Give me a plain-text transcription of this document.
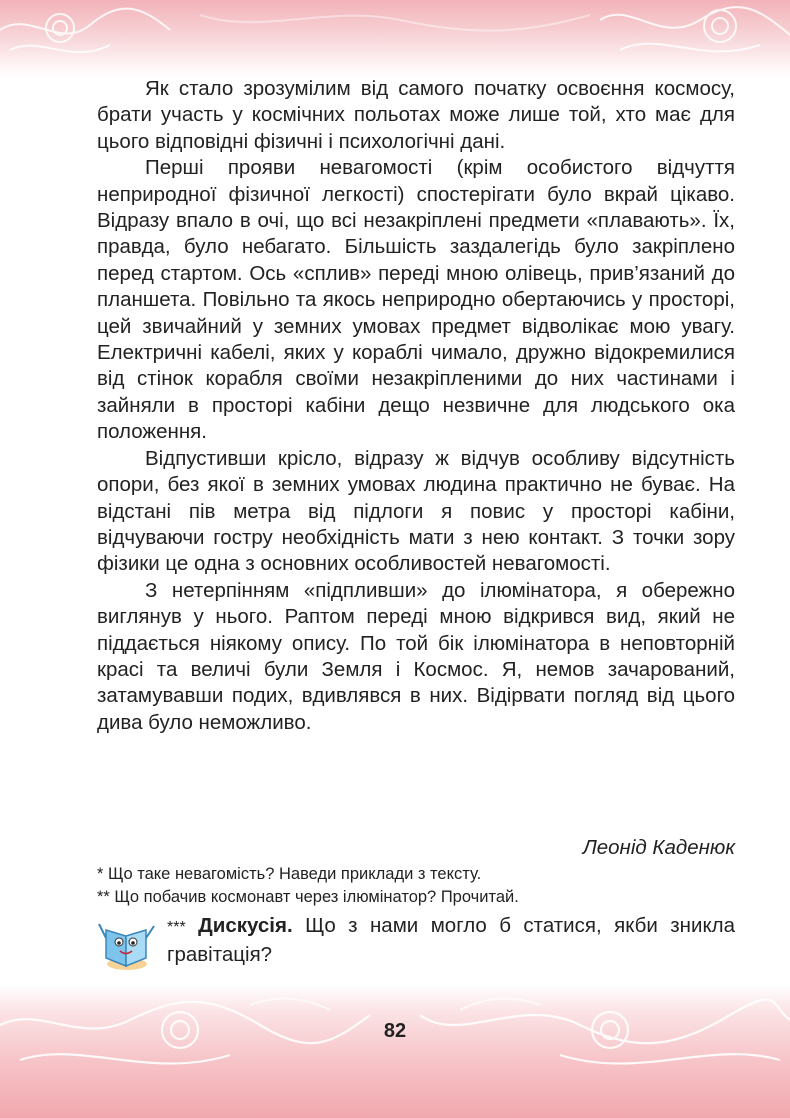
Як стало зрозумілим від самого початку освоєння космосу, брати участь у космічних польотах може лише той, хто має для цього відповідні фізичні і психологічні дані.

Перші прояви невагомості (крім особистого відчуття неприродної фізичної легкості) спостерігати було вкрай цікаво. Відразу впало в очі, що всі незакріплені предмети «плавають». Їх, правда, було небагато. Більшість заздалегідь було закріплено перед стартом. Ось «сплив» переді мною олівець, прив’язаний до планшета. Повільно та якось неприродно обертаючись у просторі, цей звичайний у земних умовах предмет відволікає мою увагу. Електричні кабелі, яких у кораблі чимало, дружно відокремилися від стінок корабля своїми незакріпленими до них частинами і зайняли в просторі кабіни дещо незвичне для людського ока положення.

Відпустивши крісло, відразу ж відчув особливу відсутність опори, без якої в земних умовах людина практично не буває. На відстані пів метра від підлоги я повис у просторі кабіни, відчуваючи гостру необхідність мати з нею контакт. З точки зору фізики це одна з основних особливостей невагомості.

З нетерпінням «підпливши» до ілюмінатора, я обережно виглянув у нього. Раптом переді мною відкрився вид, який не піддається ніякому опису. По той бік ілюмінатора в неповторній красі та величі були Земля і Космос. Я, немов зачарований, затамувавши подих, вдивлявся в них. Відірвати погляд від цього дива було неможливо.

Леонід Каденюк
* Що таке невагомість? Наведи приклади з тексту.
** Що побачив космонавт через ілюмінатор? Прочитай.
*** Дискусія. Що з нами могло б статися, якби зникла гравітація?
82
